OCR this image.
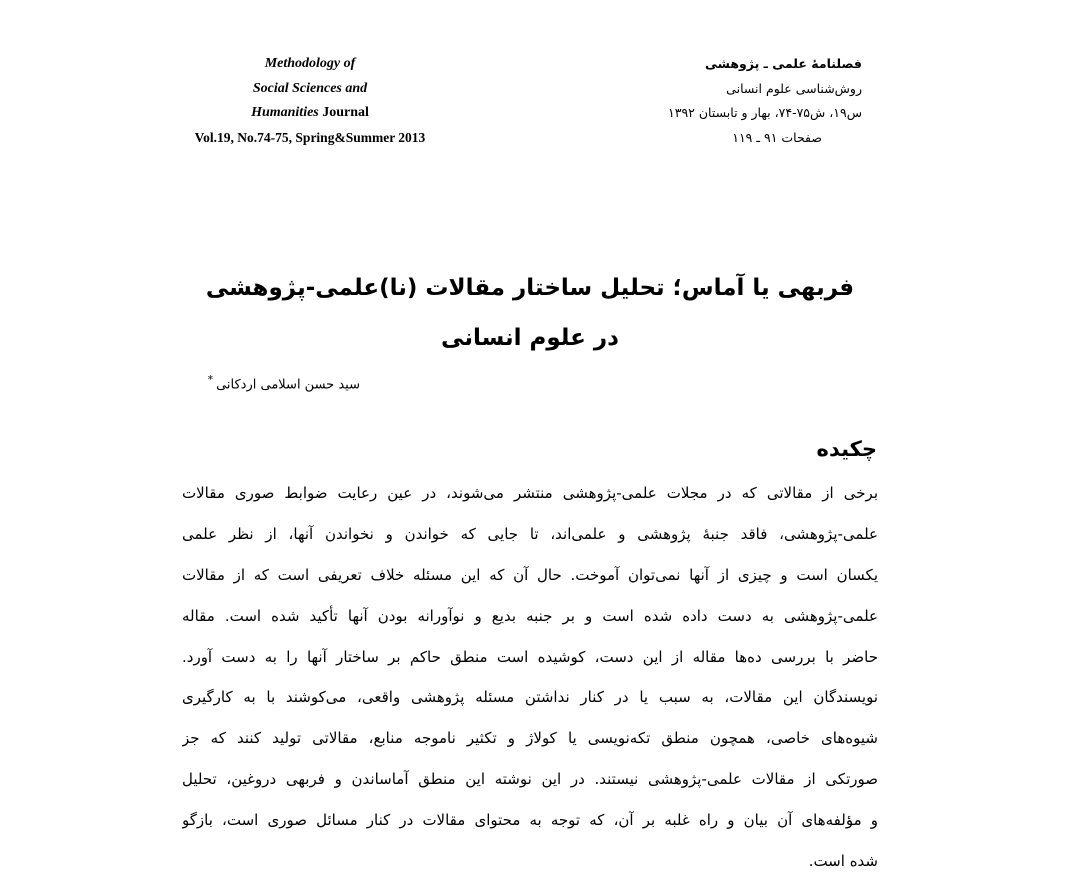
Methodology of
Social Sciences and
Humanities Journal
Vol.19, No.74-75, Spring&Summer 2013
فصلنامهٔ علمی ـ پژوهشی
روش‌شناسی علوم انسانی
س۱۹، ش۷۵-۷۴، بهار و تابستان ۱۳۹۲
صفحات ۹۱ ـ ۱۱۹
فربهی یا آماس؛ تحلیل ساختار مقالات (نا)علمی-پژوهشی
در علوم انسانی
سید حسن اسلامی اردکانی*
چکیده
برخی از مقالاتی که در مجلات علمی-پژوهشی منتشر می‌شوند، در عین رعایت ضوابط صوری مقالات
علمی-پژوهشی، فاقد جنبهٔ پژوهشی و علمی‌اند، تا جایی که خواندن و نخواندن آنها، از نظر علمی
یکسان است و چیزی از آنها نمی‌توان آموخت. حال آن که این مسئله خلاف تعریفی است که از مقالات
علمی-پژوهشی به دست داده شده است و بر جنبه بدیع و نوآورانه بودن آنها تأکید شده است. مقاله
حاضر با بررسی ده‌ها مقاله از این دست، کوشیده است منطق حاکم بر ساختار آنها را به دست آورد.
نویسندگان این مقالات، به سبب یا در کنار نداشتن مسئله پژوهشی واقعی، می‌کوشند با به کارگیری
شیوه‌های خاصی، همچون منطق تکه‌نویسی یا کولاژ و تکثیر ناموجه منابع، مقالاتی تولید کنند که جز
صورتکی از مقالات علمی-پژوهشی نیستند. در این نوشته این منطق آماساندن و فربهی دروغین، تحلیل
و مؤلفه‌های آن بیان و راه غلبه بر آن، که توجه به محتوای مقالات در کنار مسائل صوری است، بازگو
شده است.
